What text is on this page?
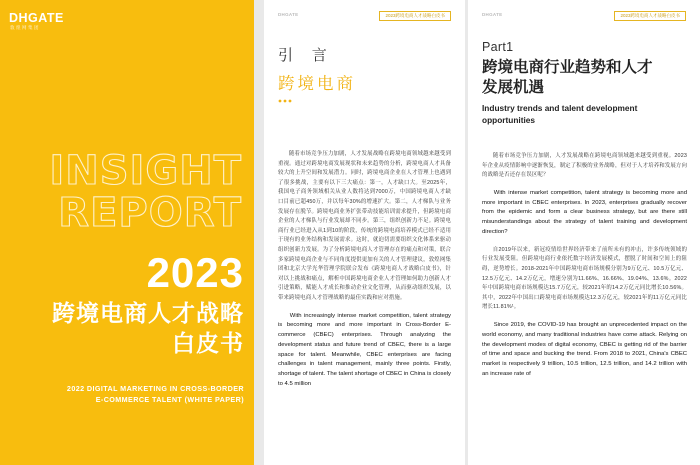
DHGATE
敦煌网集团
INSIGHT
REPORT
2023
跨境电商人才战略
白皮书
2022 DIGITAL MARKETING IN CROSS-BORDER
E-COMMERCE TALENT (WHITE PAPER)
DHGATE	2023跨境电商人才战略白皮书
引 言
跨境电商

随着市场竞争压力加剧，人才发展战略在跨境电商领域越来越受到重视。通过对跨境电商发展现状和未来趋势的分析，跨境电商人才具备较大的上升空间和发展潜力。同时，跨境电商企业在人才管理上也遇到了很多挑战，主要有以下三大痛点：第一，人才缺口大。至2025年，我国电子商务领域相关从业人数将达到7000万，中国跨境电商人才缺口目前已超450万，并以每年30%的增速扩大。第二，人才梯队与业务发展存在脱节。跨境电商业务扩张带动技能培训需求提升，但跨境电商企业的人才梯队与行业发展却不同步。第三，组织创新力不足。跨境电商行业已经进入从1到10的阶段，传统的跨境电商培养模式已经不适用于现有的业务结构和发展需求。这时，就迫切需要组织文化体系来驱动组织创新力发展。为了分析跨境电商人才管理存在的痛点和对策，联合多家跨境电商企业与不同角度提供更加有关的人才管理建议，敦煌网集团和北京大学光华管理学院联合发布《跨境电商人才战略白皮书》，针对以上挑战和痛点，解析中国跨境电商企业人才管理如何助力创新人才引进策略，赋能人才成长和推动企业文化管理，从而驱动组织发展，以带来跨境电商人才管理战略的最佳实践和应对措施。

With increasingly intense market competition, talent strategy is becoming more and more important in Cross-Border E-commerce (CBEC) enterprises. Through analyzing the development status and future trend of CBEC, there is a large space for talent. Meanwhile, CBEC enterprises are facing challenges in talent management, mainly three points. Firstly, shortage of talent. The talent shortage of CBEC in China is closely to 4.5 million

DHGATE	2023跨境电商人才战略白皮书
Part1
跨境电商行业趋势和人才
发展机遇
Industry trends and talent development opportunities

随着市场竞争压力加剧，人才发展战略在跨境电商领域越来越受到重视。2023年企业从疫情影响中逐渐恢复，制定了积极的业务战略，但对于人才培养和发展方向的战略是否还存在误区呢？

With intense market competition, talent strategy is becoming more and more important in CBEC enterprises. In 2023, enterprises gradually recover from the epidemic and form a clear business strategy, but are there still misunderstandings about the strategy of talent training and development direction?

自2019年以来，新冠疫情给世界经济带来了前所未有的冲击，许多传统领域的行业发展受阻。但跨境电商行业依托数字经济发展模式，摆脱了时间和空间上的阻碍，逆势增长。2018-2021年中国跨境电商市场规模分别为9万亿元、10.5万亿元、12.5万亿元、14.2万亿元，增速分别为11.66%、16.66%、19.04%、13.6%。2022年中国跨境电商市场规模达15.7万亿元，较2021年的14.2万亿元同比增长10.56%。其中，2022年中国出口跨境电商市场规模达12.3万亿元，较2021年的11万亿元同比增长11.81%¹。

Since 2019, the COVID-19 has brought an unprecedented impact on the world economy, and many traditional industries have come attack. Relying on the development modes of digital economy, CBEC is getting rid of the barrier of time and space and bucking the trend. From 2018 to 2021, China's CBEC market is respectively 9 trillion, 10.5 trillion, 12.5 trillion, and 14.2 trillion with an increase rate of
